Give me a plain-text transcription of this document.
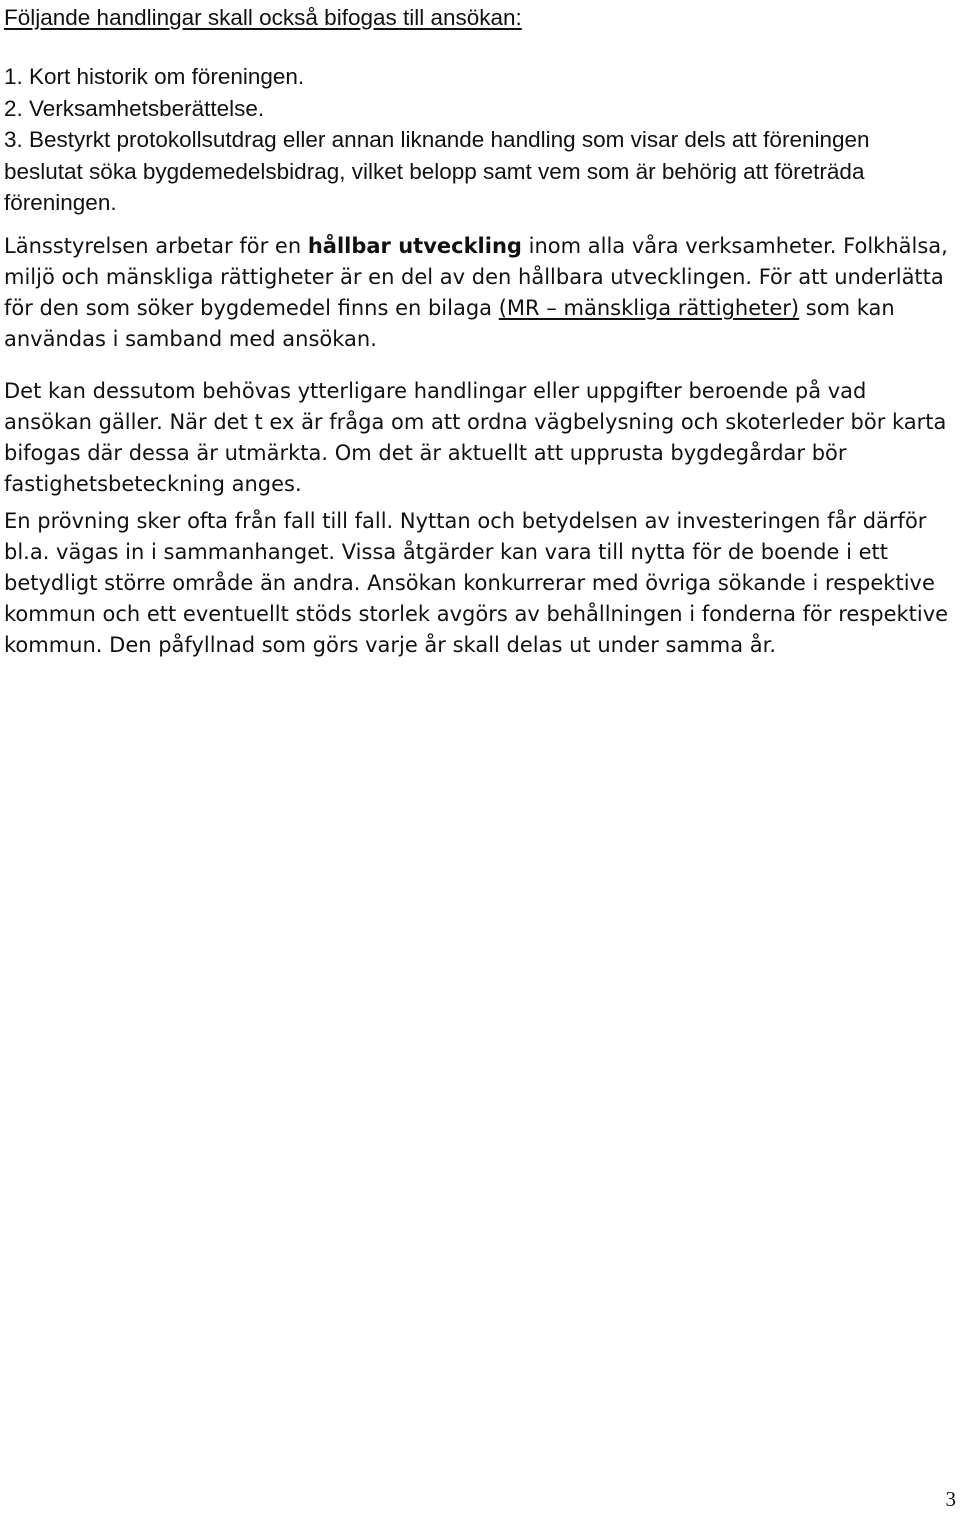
Följande handlingar skall också bifogas till ansökan:

1. Kort historik om föreningen.
2. Verksamhetsberättelse.
3. Bestyrkt protokollsutdrag eller annan liknande handling som visar dels att föreningen beslutat söka bygdemedelsbidrag, vilket belopp samt vem som är behörig att företräda föreningen.

Länsstyrelsen arbetar för en hållbar utveckling inom alla våra verksamheter. Folkhälsa, miljö och mänskliga rättigheter är en del av den hållbara utvecklingen. För att underlätta för den som söker bygdemedel finns en bilaga (MR – mänskliga rättigheter) som kan användas i samband med ansökan.

Det kan dessutom behövas ytterligare handlingar eller uppgifter beroende på vad ansökan gäller. När det t ex är fråga om att ordna vägbelysning och skoterleder bör karta bifogas där dessa är utmärkta. Om det är aktuellt att upprusta bygdegårdar bör fastighetsbeteckning anges.

En prövning sker ofta från fall till fall. Nyttan och betydelsen av investeringen får därför bl.a. vägas in i sammanhanget. Vissa åtgärder kan vara till nytta för de boende i ett betydligt större område än andra. Ansökan konkurrerar med övriga sökande i respektive kommun och ett eventuellt stöds storlek avgörs av behållningen i fonderna för respektive kommun. Den påfyllnad som görs varje år skall delas ut under samma år.

3
